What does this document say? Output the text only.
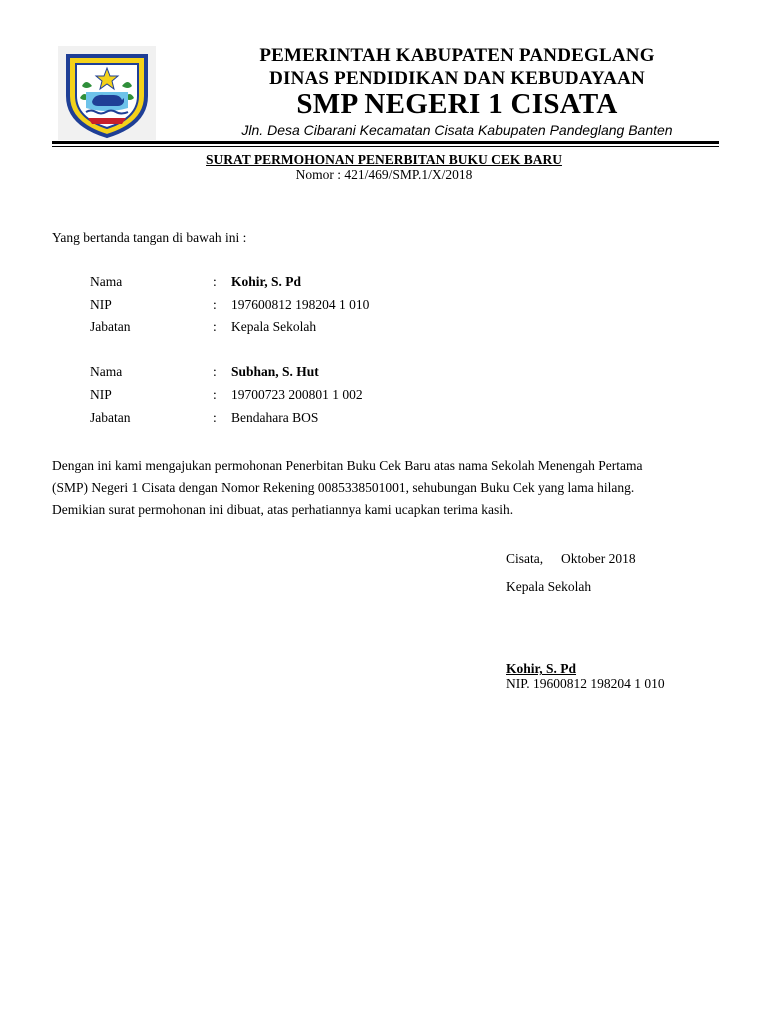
PEMERINTAH KABUPATEN PANDEGLANG
DINAS PENDIDIKAN DAN KEBUDAYAAN
SMP NEGERI 1 CISATA
Jln. Desa Cibarani Kecamatan Cisata Kabupaten Pandeglang Banten
SURAT PERMOHONAN PENERBITAN BUKU CEK BARU
Nomor : 421/469/SMP.1/X/2018
Yang bertanda tangan di bawah ini :
Nama	: Kohir, S. Pd
NIP	: 197600812 198204 1 010
Jabatan	: Kepala Sekolah
Nama	: Subhan, S. Hut
NIP	: 19700723 200801 1 002
Jabatan	: Bendahara BOS

Dengan ini kami mengajukan permohonan Penerbitan Buku Cek Baru atas nama Sekolah Menengah Pertama

(SMP) Negeri 1 Cisata dengan Nomor Rekening 0085338501001, sehubungan Buku Cek yang lama hilang.

Demikian surat permohonan ini dibuat, atas perhatiannya kami ucapkan terima kasih.

Cisata, Oktober 2018
Kepala Sekolah
Kohir, S. Pd
NIP. 19600812 198204 1 010
